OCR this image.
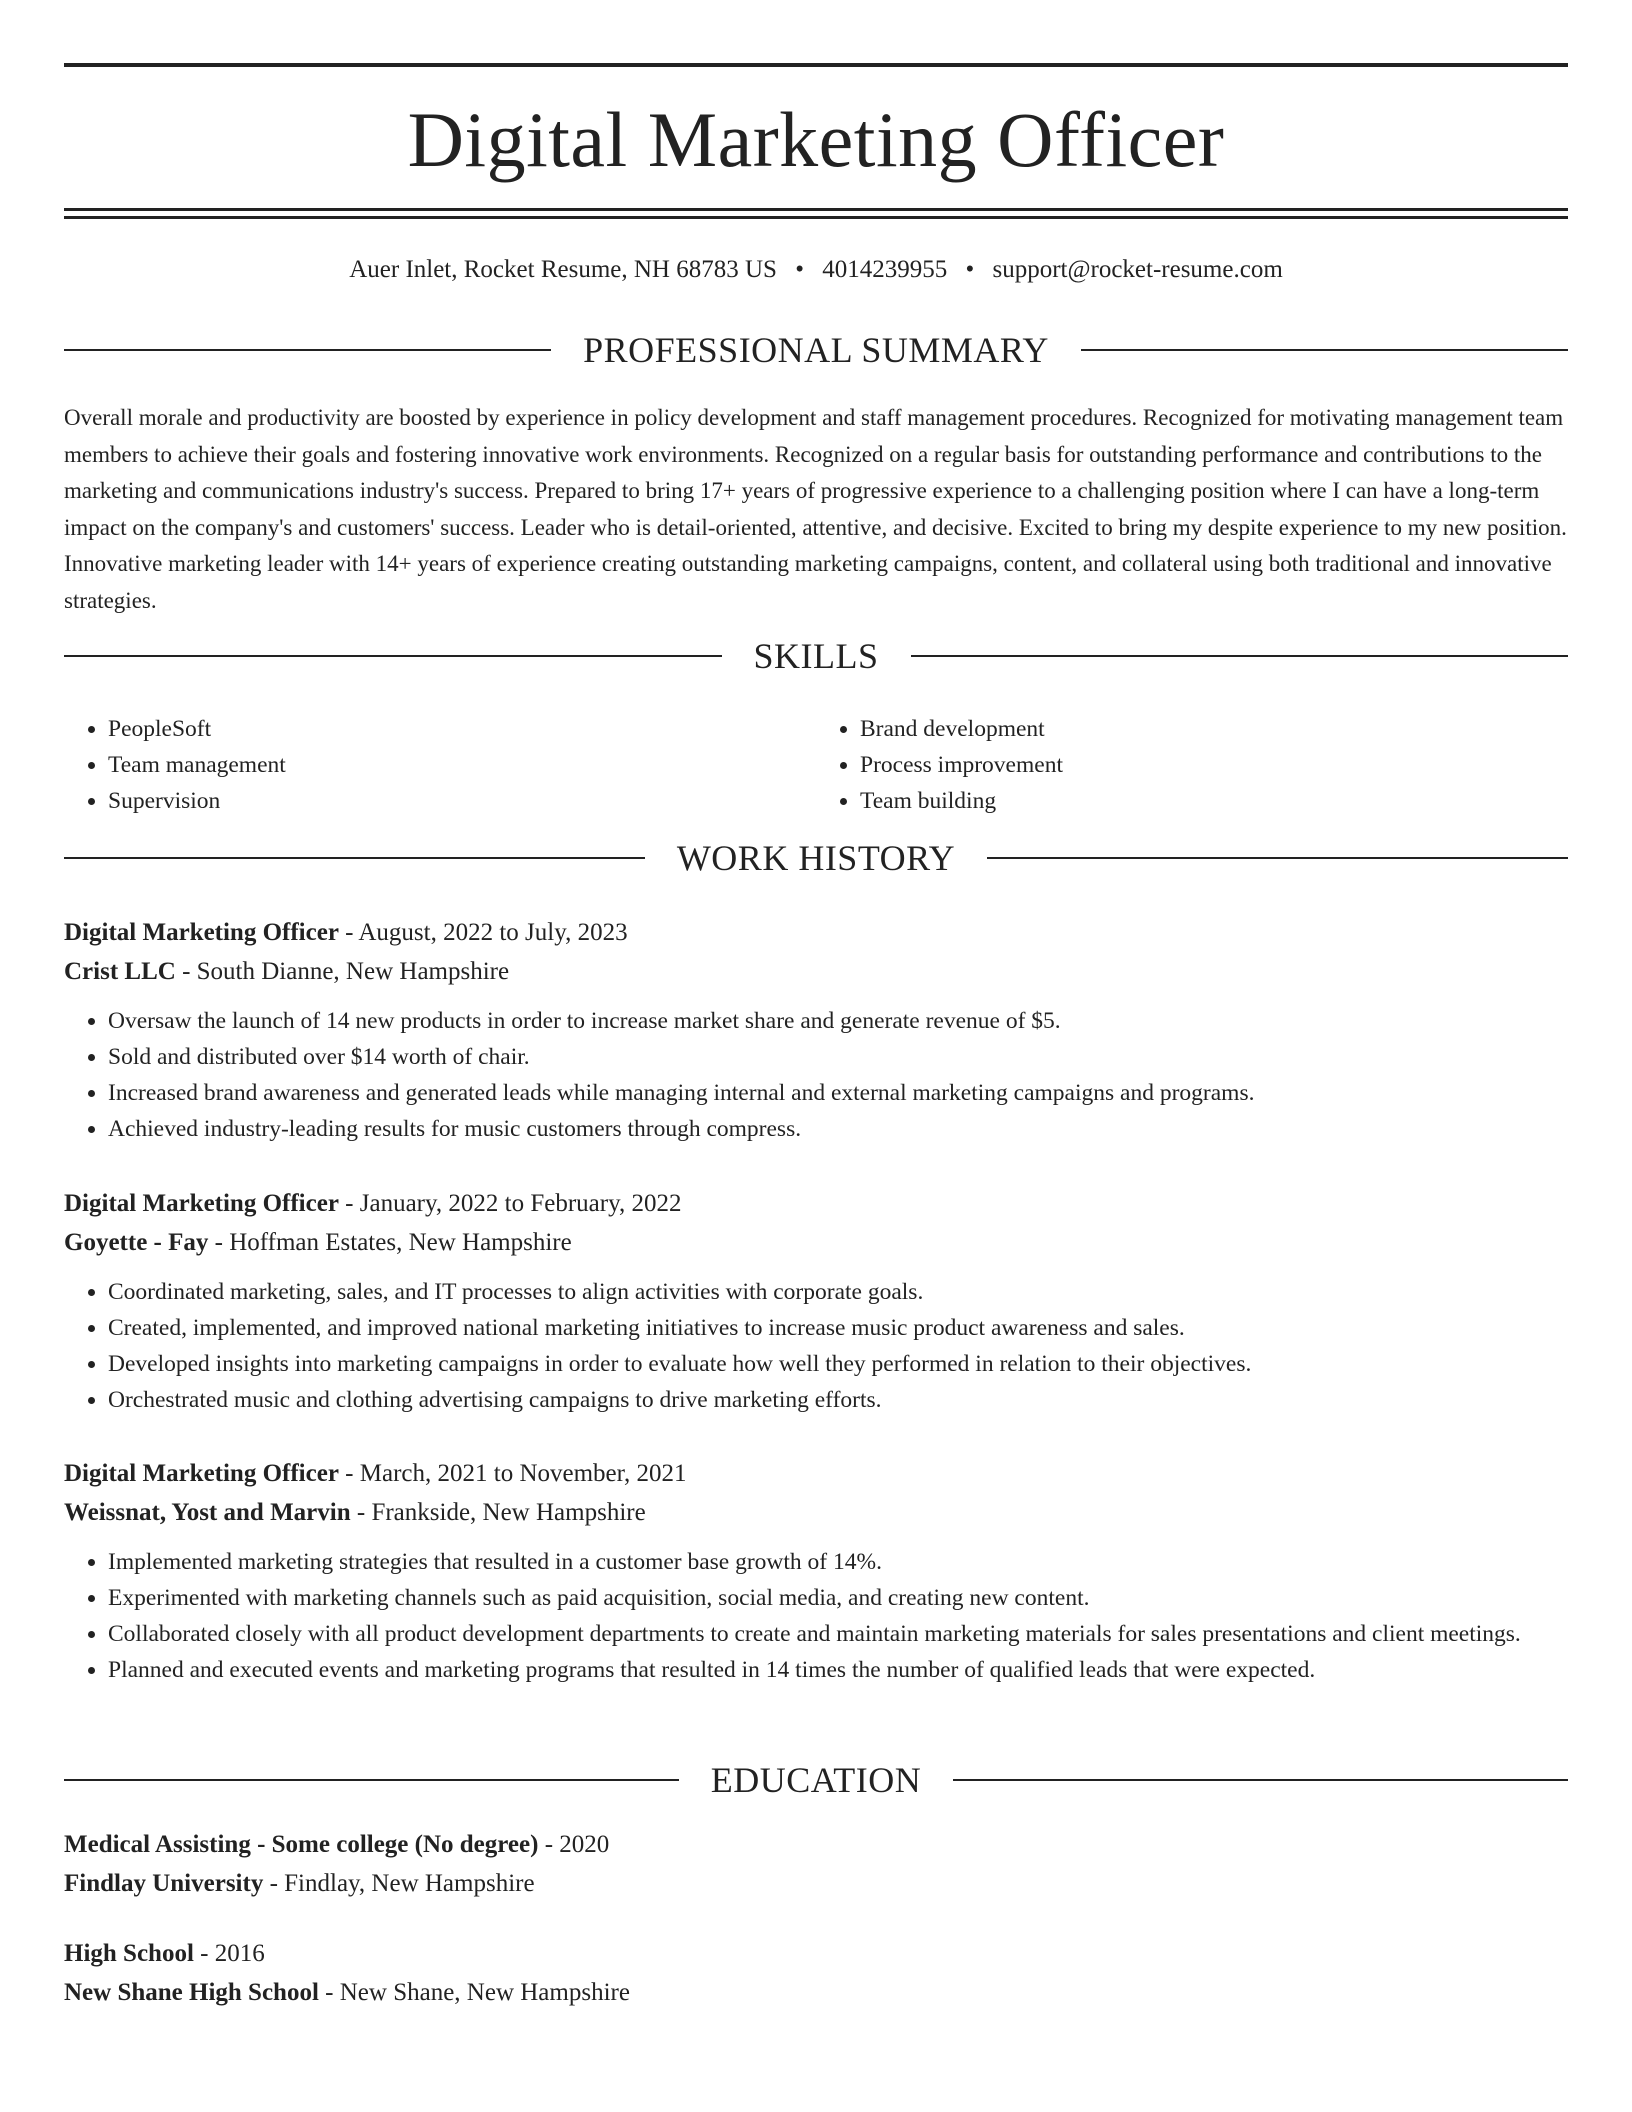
Digital Marketing Officer
Auer Inlet, Rocket Resume, NH 68783 US • 4014239955 • support@rocket-resume.com
PROFESSIONAL SUMMARY

Overall morale and productivity are boosted by experience in policy development and staff management procedures. Recognized for motivating management team members to achieve their goals and fostering innovative work environments. Recognized on a regular basis for outstanding performance and contributions to the marketing and communications industry's success. Prepared to bring 17+ years of progressive experience to a challenging position where I can have a long-term impact on the company's and customers' success. Leader who is detail-oriented, attentive, and decisive. Excited to bring my despite experience to my new position. Innovative marketing leader with 14+ years of experience creating outstanding marketing campaigns, content, and collateral using both traditional and innovative strategies.

SKILLS
• PeopleSoft
• Team management
• Supervision
• Brand development
• Process improvement
• Team building
WORK HISTORY
Digital Marketing Officer - August, 2022 to July, 2023
Crist LLC - South Dianne, New Hampshire
• Oversaw the launch of 14 new products in order to increase market share and generate revenue of $5.
• Sold and distributed over $14 worth of chair.
• Increased brand awareness and generated leads while managing internal and external marketing campaigns and programs.
• Achieved industry-leading results for music customers through compress.
Digital Marketing Officer - January, 2022 to February, 2022
Goyette - Fay - Hoffman Estates, New Hampshire
• Coordinated marketing, sales, and IT processes to align activities with corporate goals.
• Created, implemented, and improved national marketing initiatives to increase music product awareness and sales.
• Developed insights into marketing campaigns in order to evaluate how well they performed in relation to their objectives.
• Orchestrated music and clothing advertising campaigns to drive marketing efforts.
Digital Marketing Officer - March, 2021 to November, 2021
Weissnat, Yost and Marvin - Frankside, New Hampshire
• Implemented marketing strategies that resulted in a customer base growth of 14%.
• Experimented with marketing channels such as paid acquisition, social media, and creating new content.
• Collaborated closely with all product development departments to create and maintain marketing materials for sales presentations and client meetings.
• Planned and executed events and marketing programs that resulted in 14 times the number of qualified leads that were expected.
EDUCATION
Medical Assisting - Some college (No degree) - 2020
Findlay University - Findlay, New Hampshire
High School - 2016
New Shane High School - New Shane, New Hampshire
